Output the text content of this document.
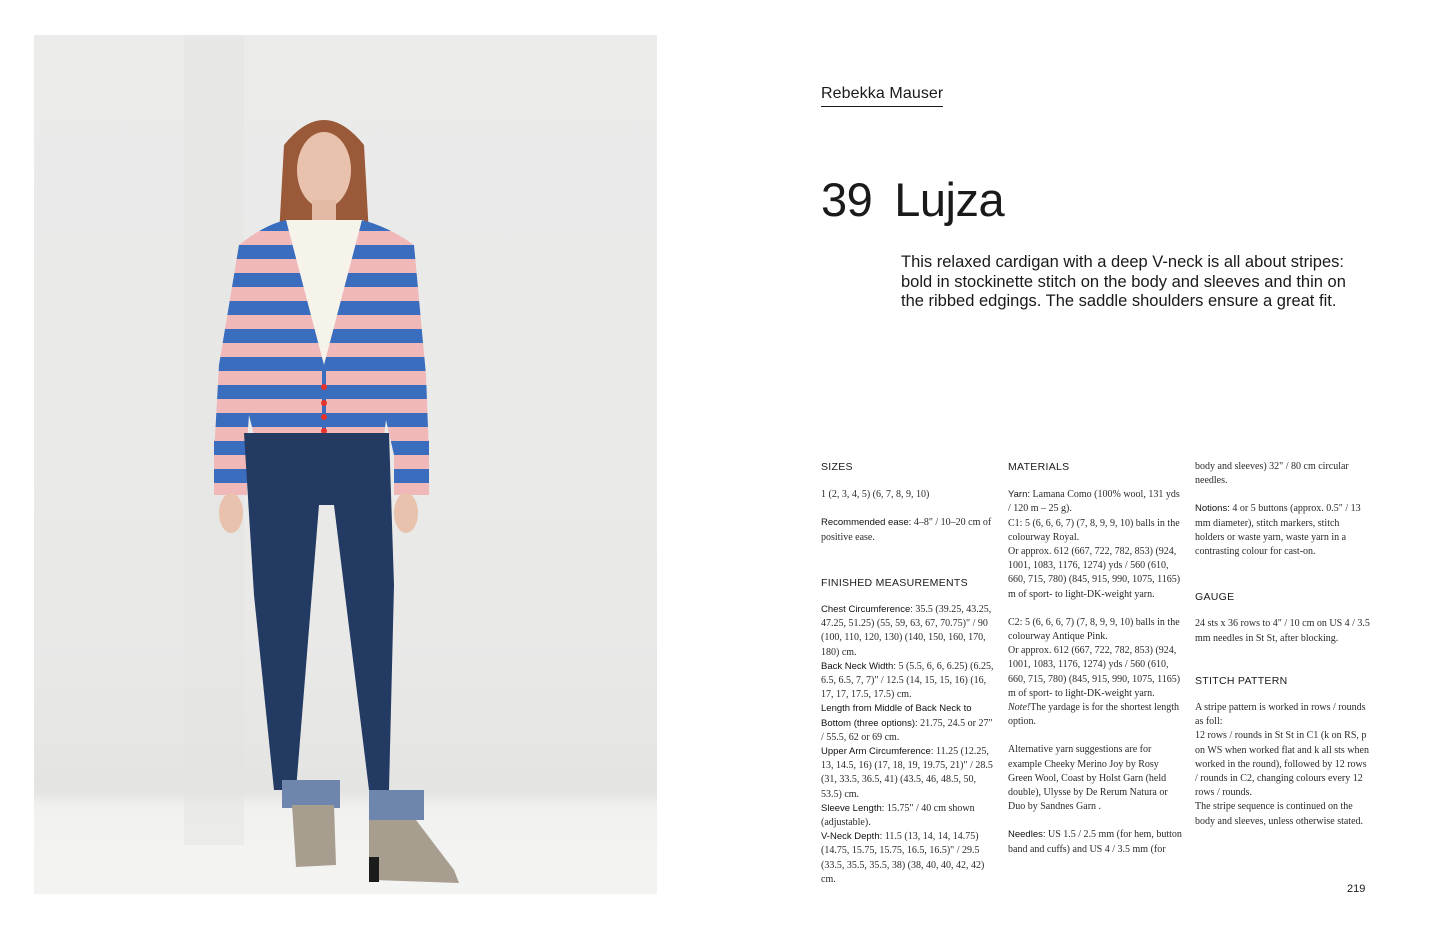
Rebekka Mauser
39 Lujza
This relaxed cardigan with a deep V-neck is all about stripes: bold in stockinette stitch on the body and sleeves and thin on the ribbed edgings. The saddle shoulders ensure a great fit.

SIZES

1 (2, 3, 4, 5) (6, 7, 8, 9, 10)

Recommended ease: 4–8" / 10–20 cm of positive ease.

FINISHED MEASUREMENTS

Chest Circumference: 35.5 (39.25, 43.25, 47.25, 51.25) (55, 59, 63, 67, 70.75)" / 90 (100, 110, 120, 130) (140, 150, 160, 170, 180) cm.

Back Neck Width: 5 (5.5, 6, 6, 6.25) (6.25, 6.5, 6.5, 7, 7)" / 12.5 (14, 15, 15, 16) (16, 17, 17, 17.5, 17.5) cm.

Length from Middle of Back Neck to Bottom (three options): 21.75, 24.5 or 27" / 55.5, 62 or 69 cm.

Upper Arm Circumference: 11.25 (12.25, 13, 14.5, 16) (17, 18, 19, 19.75, 21)" / 28.5 (31, 33.5, 36.5, 41) (43.5, 46, 48.5, 50, 53.5) cm.

Sleeve Length: 15.75" / 40 cm shown (adjustable).

V-Neck Depth: 11.5 (13, 14, 14, 14.75) (14.75, 15.75, 15.75, 16.5, 16.5)" / 29.5 (33.5, 35.5, 35.5, 38) (38, 40, 40, 42, 42) cm.

MATERIALS

Yarn: Lamana Como (100% wool, 131 yds / 120 m – 25 g).

C1: 5 (6, 6, 6, 7) (7, 8, 9, 9, 10) balls in the colourway Royal.

Or approx. 612 (667, 722, 782, 853) (924, 1001, 1083, 1176, 1274) yds / 560 (610, 660, 715, 780) (845, 915, 990, 1075, 1165) m of sport- to light-DK-weight yarn.

C2: 5 (6, 6, 6, 7) (7, 8, 9, 9, 10) balls in the colourway Antique Pink.

Or approx. 612 (667, 722, 782, 853) (924, 1001, 1083, 1176, 1274) yds / 560 (610, 660, 715, 780) (845, 915, 990, 1075, 1165) m of sport- to light-DK-weight yarn.

Note!The yardage is for the shortest length option.

Alternative yarn suggestions are for example Cheeky Merino Joy by Rosy Green Wool, Coast by Holst Garn (held double), Ulysse by De Rerum Natura or Duo by Sandnes Garn .

Needles: US 1.5 / 2.5 mm (for hem, button band and cuffs) and US 4 / 3.5 mm (for

body and sleeves) 32" / 80 cm circular needles.

Notions: 4 or 5 buttons (approx. 0.5" / 13 mm diameter), stitch markers, stitch holders or waste yarn, waste yarn in a contrasting colour for cast-on.

GAUGE

24 sts x 36 rows to 4" / 10 cm on US 4 / 3.5 mm needles in St St, after blocking.

STITCH PATTERN

A stripe pattern is worked in rows / rounds as foll:

12 rows / rounds in St St in C1 (k on RS, p on WS when worked flat and k all sts when worked in the round), followed by 12 rows / rounds in C2, changing colours every 12 rows / rounds.

The stripe sequence is continued on the body and sleeves, unless otherwise stated.

219
